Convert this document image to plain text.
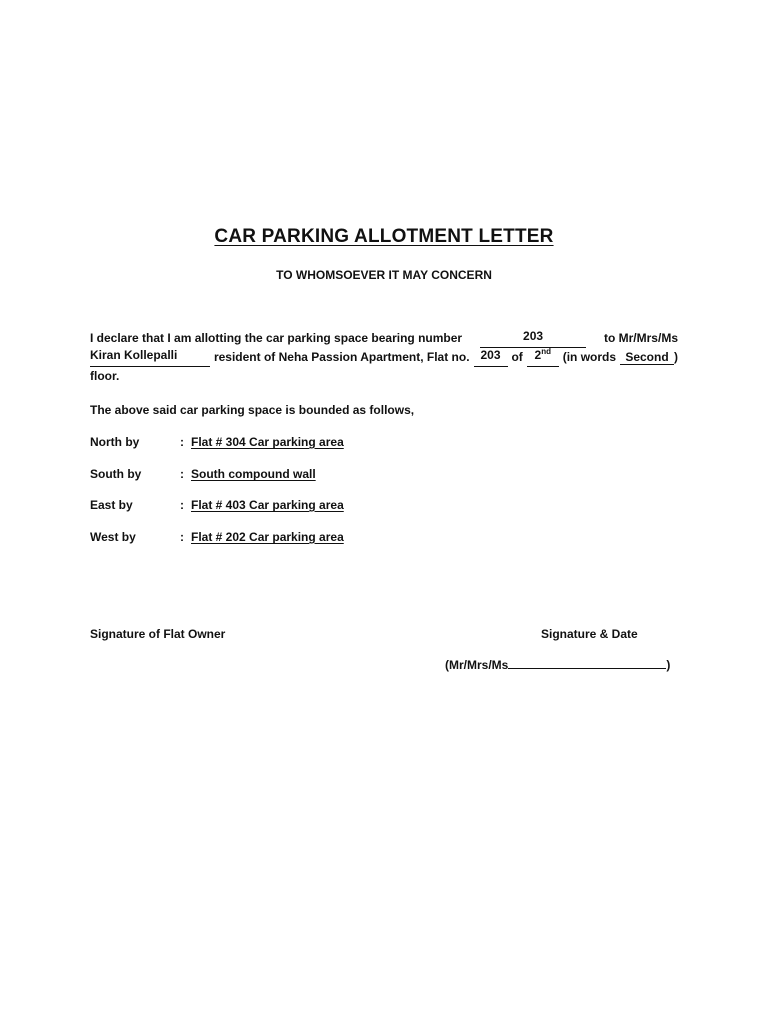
CAR PARKING ALLOTMENT LETTER
TO WHOMSOEVER IT MAY CONCERN
I declare that I am allotting the car parking space bearing number	203	to Mr/Mrs/Ms
Kiran Kollepalli	resident of Neha Passion Apartment, Flat no. 203 of 2nd (in words Second )
floor.
The above said car parking space is bounded as follows,
North by	: Flat # 304 Car parking area
South by	: South compound wall
East by	: Flat # 403 Car parking area
West by	: Flat # 202 Car parking area
Signature of Flat Owner	Signature & Date
(Mr/Mrs/Ms	)
